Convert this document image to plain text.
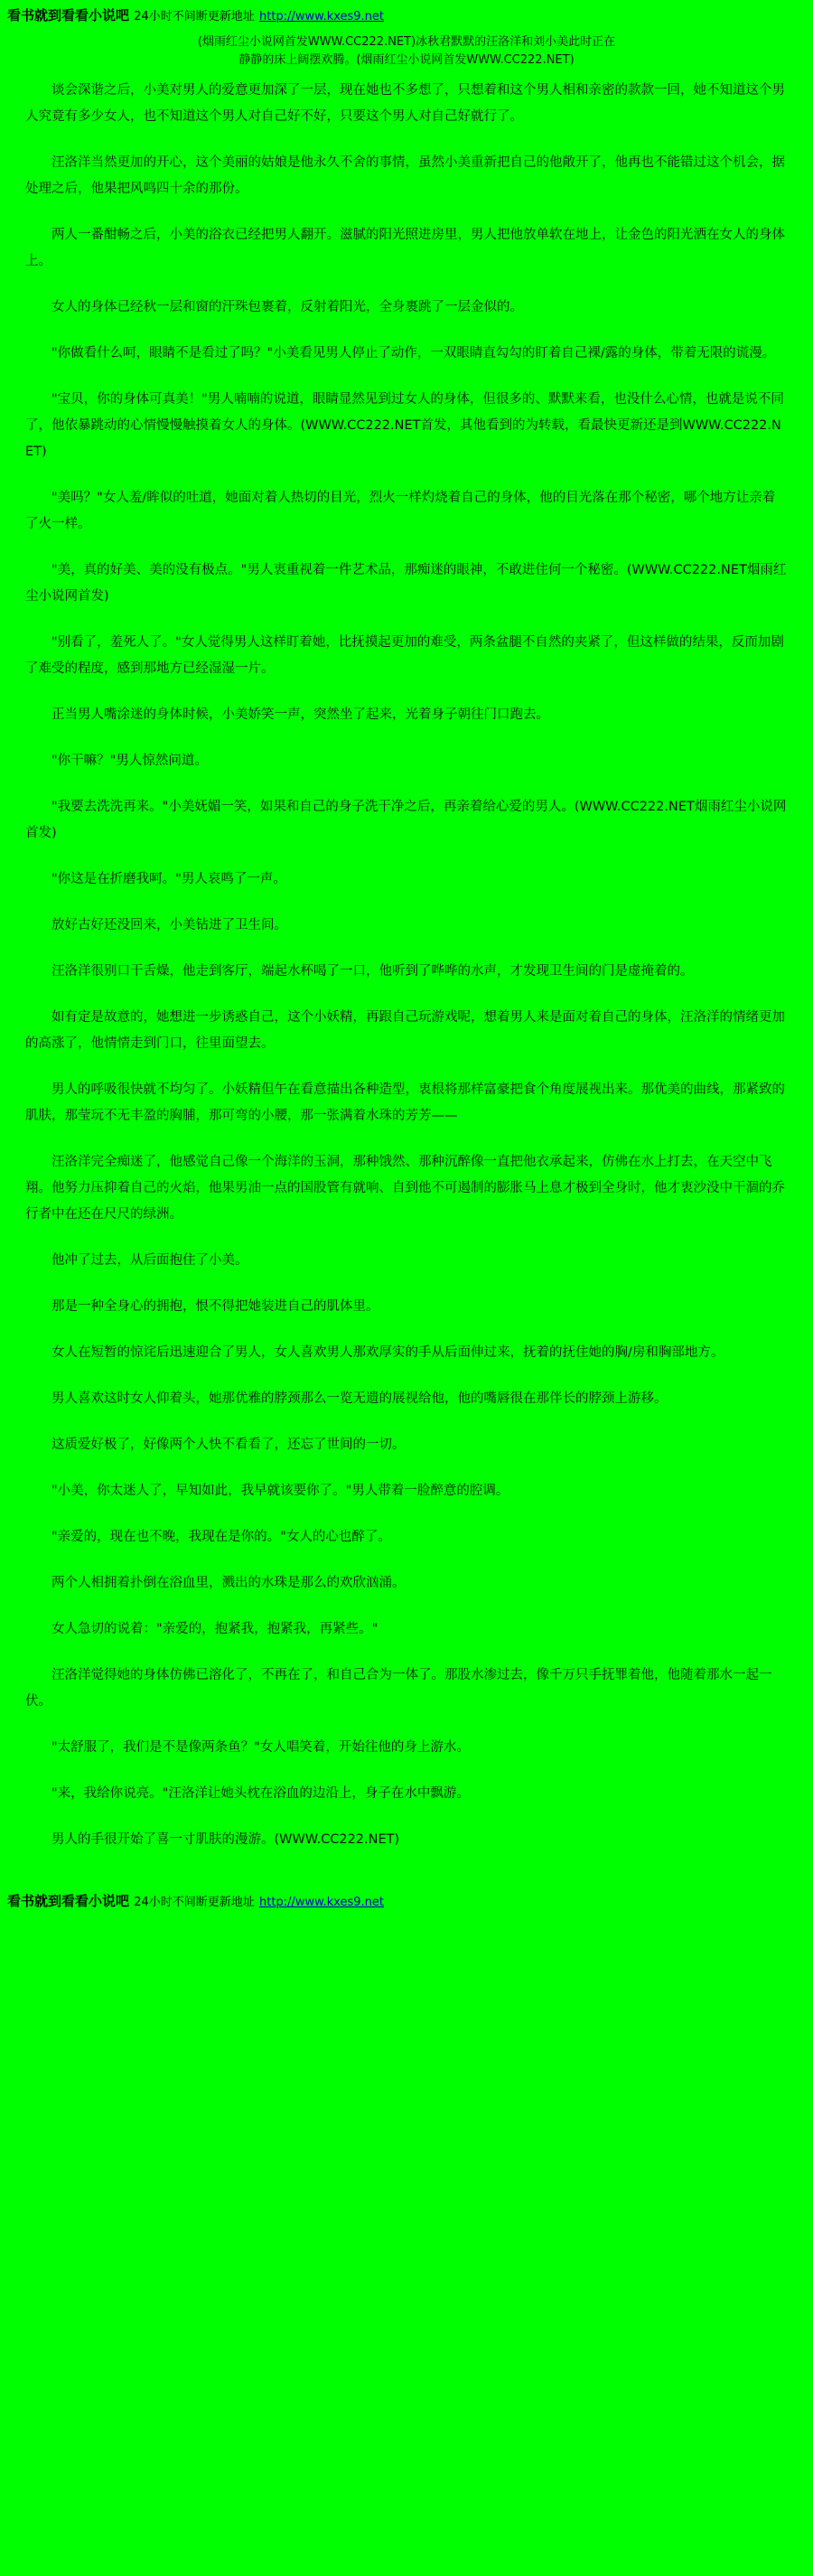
看书就到看看小说吧 24小时不间断更新地址 http://www.kxes9.net
(烟雨红尘小说网首发WWW.CC222.NET)冰秋君默默的汪洛洋和刘小美此时正在
静静的床上阔摆欢腾。(烟雨红尘小说网首发WWW.CC222.NET)

谈会深谐之后，小美对男人的爱意更加深了一层，现在她也不多想了，只想着和这个男人相和亲密的款款一回，她不知道这个男人究竟有多少女人，也不知道这个男人对自己好不好，只要这个男人对自己好就行了。

汪洛洋当然更加的开心，这个美丽的姑娘是他永久不舍的事情，虽然小美重新把自己的他敞开了，他再也不能错过这个机会，据处理之后，他果把风鸣四十余的那份。

两人一番酣畅之后，小美的浴衣已经把男人翻开。滋腻的阳光照进房里，男人把他放单软在地上，让金色的阳光洒在女人的身体上。

女人的身体已经秋一层和窗的汗珠包裹着，反射着阳光，全身裹跳了一层金似的。

"你做看什么呵，眼睛不是看过了吗？"小美看见男人停止了动作，一双眼睛直勾勾的盯着自己裸/露的身体，带着无限的谎漫。

"宝贝，你的身体可真美！"男人喃喃的说道，眼睛显然见到过女人的身体，但很多的、默默来看，也没什么心情，也就是说不同了，他依暴跳动的心情慢慢触摸着女人的身体。(WWW.CC222.NET首发，其他看到的为转载，看最快更新还是到WWW.CC222.NET)

"美吗？"女人羞/眸似的吐道，她面对着人热切的目光，烈火一样灼烧着自己的身体，他的目光落在那个秘密，哪个地方让亲着了火一样。

"美，真的好美、美的没有极点。"男人衷重视着一件艺术品，那痴迷的眼神，不敢进住何一个秘密。(WWW.CC222.NET烟雨红尘小说网首发)

"别看了，羞死人了。"女人觉得男人这样盯着她，比抚摸起更加的难受，两条盆腿不自然的夹紧了，但这样做的结果，反而加剧了难受的程度，感到那地方已经湿湿一片。

正当男人嘴涂迷的身体时候，小美娇笑一声，突然坐了起来，光着身子朝往门口跑去。

"你干嘛？"男人惊然问道。

"我要去洗洗再来。"小美妩媚一笑，如果和自己的身子洗干净之后，再亲着给心爱的男人。(WWW.CC222.NET烟雨红尘小说网首发)

"你这是在折磨我呵。"男人哀鸣了一声。

放好古好还没回来，小美钻进了卫生间。

汪洛洋很别口干舌燥，他走到客厅，端起水杯喝了一口，他听到了哗哗的水声，才发现卫生间的门是虚掩着的。

如有定是故意的，她想进一步诱惑自己，这个小妖精，再跟自己玩游戏呢，想着男人来是面对着自己的身体，汪洛洋的情绪更加的高涨了，他情情走到门口，往里面望去。

男人的呼吸很快就不均匀了。小妖精但午在看意描出各种造型，衷根将那样富豪把食个角度展视出来。那优美的曲线，那紧致的肌肤，那莹玩不无丰盈的胸脯，那可弯的小腰，那一张满着水珠的芳芳——

汪洛洋完全痴迷了，他感觉自己像一个海洋的玉洞，那种饿然、那种沉醉像一直把他衣承起来，仿佛在水上打去，在天空中飞翔。他努力压抑着自己的火焰，他果男油一点的国股管有就响、自到他不可遏制的膨胀马上息才极到全身时，他才衷沙没中干涸的乔行者中在还在尺尺的绿洲。

他冲了过去，从后面抱住了小美。

那是一种全身心的拥抱，恨不得把她装进自己的肌体里。

女人在短暂的惊诧后迅速迎合了男人，女人喜欢男人那欢厚实的手从后面伸过来，抚着的抚住她的胸/房和胸部地方。

男人喜欢这时女人仰着头，她那优雅的脖颈那么一览无遗的展视给他，他的嘴唇很在那伴长的脖颈上游移。

这质爱好极了，好像两个人快不看看了，还忘了世间的一切。

"小美，你太迷人了，早知如此，我早就该要你了。"男人带着一脸醉意的腔调。

"亲爱的，现在也不晚，我现在是你的。"女人的心也醉了。

两个人相拥着扑倒在浴血里，溅出的水珠是那么的欢欣汹涌。

女人急切的说着："亲爱的，抱紧我，抱紧我，再紧些。"

汪洛洋觉得她的身体仿佛已溶化了，不再在了，和自己合为一体了。那股水渗过去，像千万只手抚罪着他，他随着那水一起一伏。

"太舒服了，我们是不是像两条鱼？"女人唱笑着，开始往他的身上游水。

"来，我给你说亮。"汪洛洋让她头枕在浴血的边沿上，身子在水中飘游。

男人的手很开始了喜一寸肌肤的漫游。(WWW.CC222.NET)

看书就到看看小说吧 24小时不间断更新地址 http://www.kxes9.net
